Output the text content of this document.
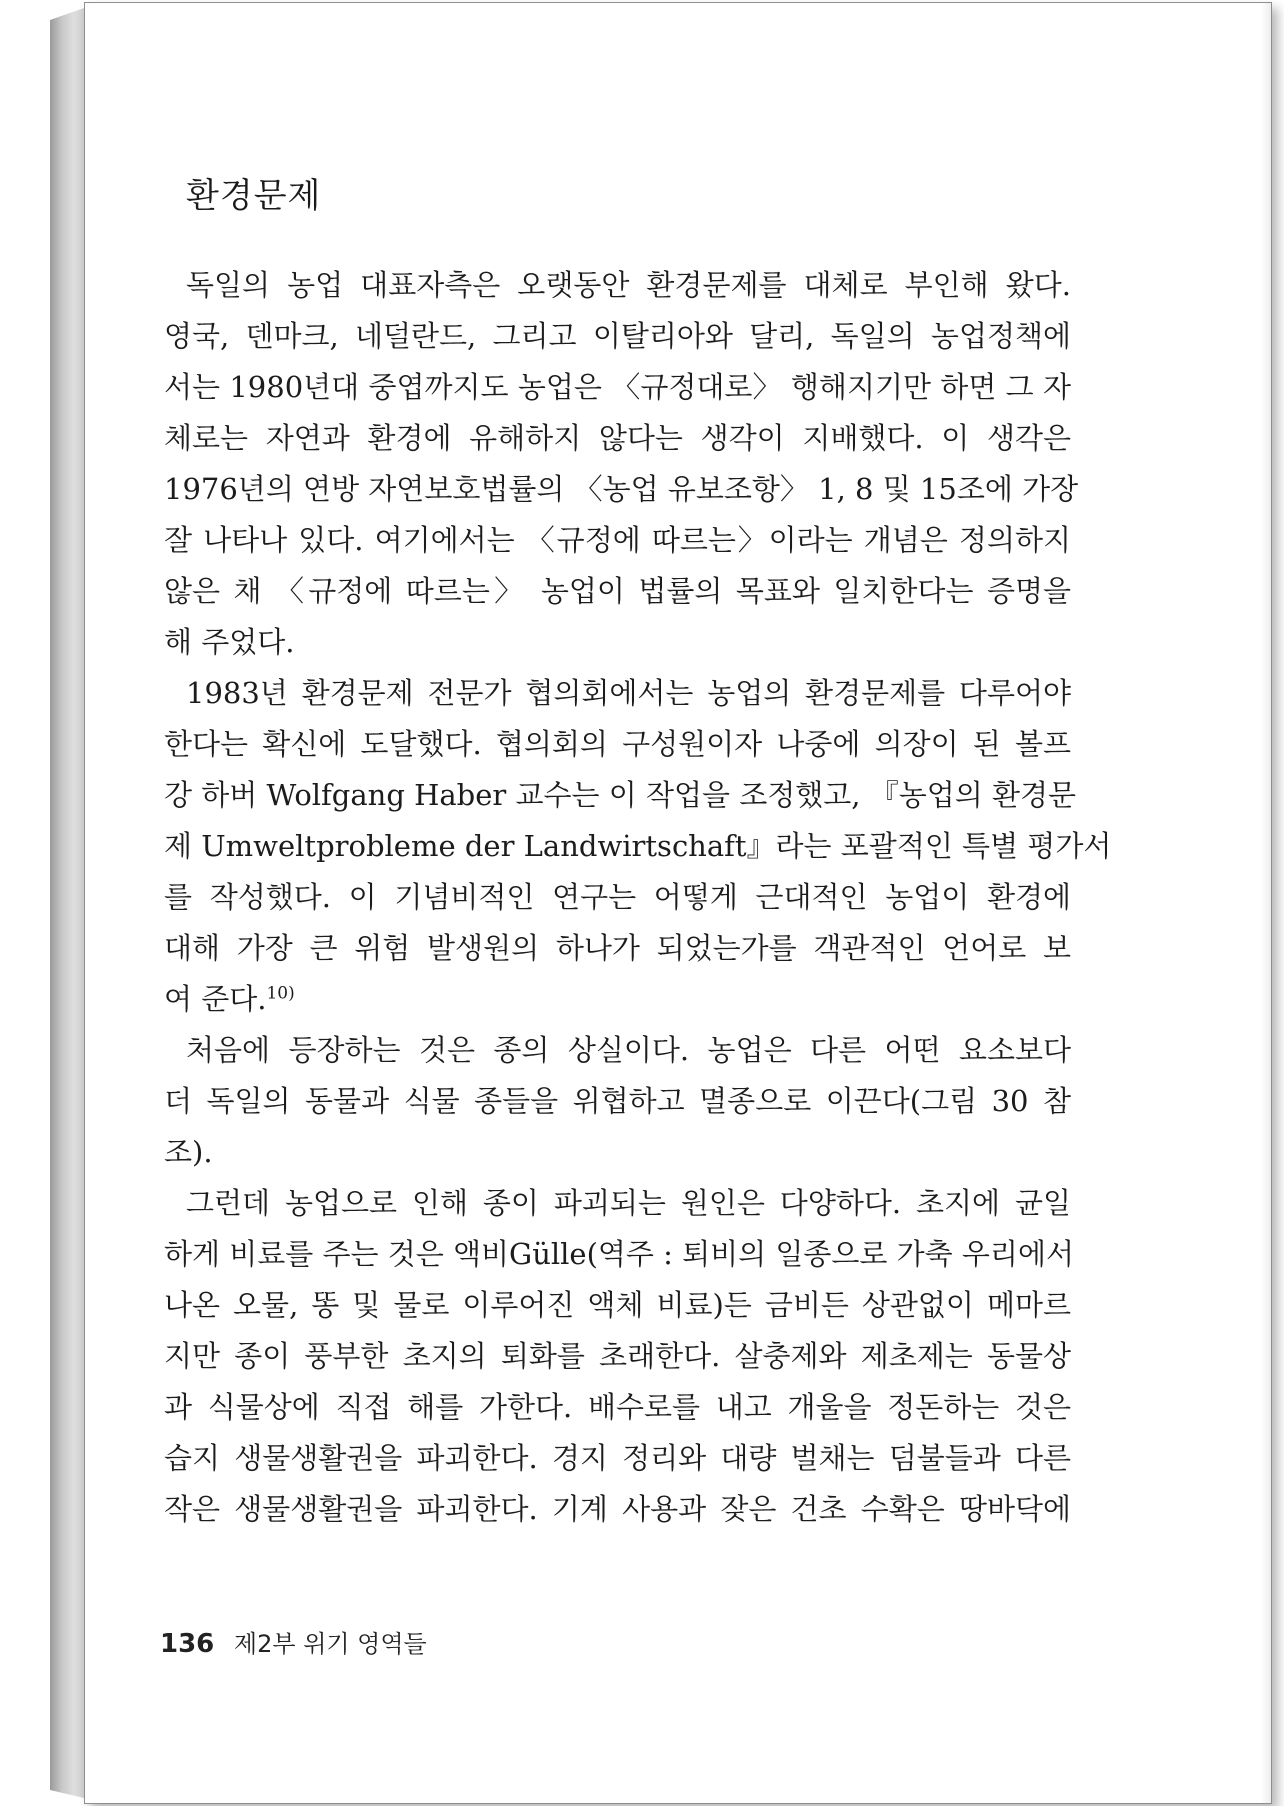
환경문제
독일의 농업 대표자측은 오랫동안 환경문제를 대체로 부인해 왔다.
영국, 덴마크, 네덜란드, 그리고 이탈리아와 달리, 독일의 농업정책에
서는 1980년대 중엽까지도 농업은 〈규정대로〉 행해지기만 하면 그 자
체로는 자연과 환경에 유해하지 않다는 생각이 지배했다. 이 생각은
1976년의 연방 자연보호법률의 〈농업 유보조항〉 1, 8 및 15조에 가장
잘 나타나 있다. 여기에서는 〈규정에 따르는〉이라는 개념은 정의하지
않은 채 〈규정에 따르는〉 농업이 법률의 목표와 일치한다는 증명을
해 주었다.
1983년 환경문제 전문가 협의회에서는 농업의 환경문제를 다루어야
한다는 확신에 도달했다. 협의회의 구성원이자 나중에 의장이 된 볼프
강 하버 Wolfgang Haber 교수는 이 작업을 조정했고, 『농업의 환경문
제 Umweltprobleme der Landwirtschaft』라는 포괄적인 특별 평가서
를 작성했다. 이 기념비적인 연구는 어떻게 근대적인 농업이 환경에
대해 가장 큰 위험 발생원의 하나가 되었는가를 객관적인 언어로 보
여 준다.$^{10)}$
처음에 등장하는 것은 종의 상실이다. 농업은 다른 어떤 요소보다
더 독일의 동물과 식물 종들을 위협하고 멸종으로 이끈다(그림 30 참
조).
그런데 농업으로 인해 종이 파괴되는 원인은 다양하다. 초지에 균일
하게 비료를 주는 것은 액비Gülle(역주 : 퇴비의 일종으로 가축 우리에서
나온 오물, 똥 및 물로 이루어진 액체 비료)든 금비든 상관없이 메마르
지만 종이 풍부한 초지의 퇴화를 초래한다. 살충제와 제초제는 동물상
과 식물상에 직접 해를 가한다. 배수로를 내고 개울을 정돈하는 것은
습지 생물생활권을 파괴한다. 경지 정리와 대량 벌채는 덤불들과 다른
작은 생물생활권을 파괴한다. 기계 사용과 잦은 건초 수확은 땅바닥에
136 제2부 위기 영역들
